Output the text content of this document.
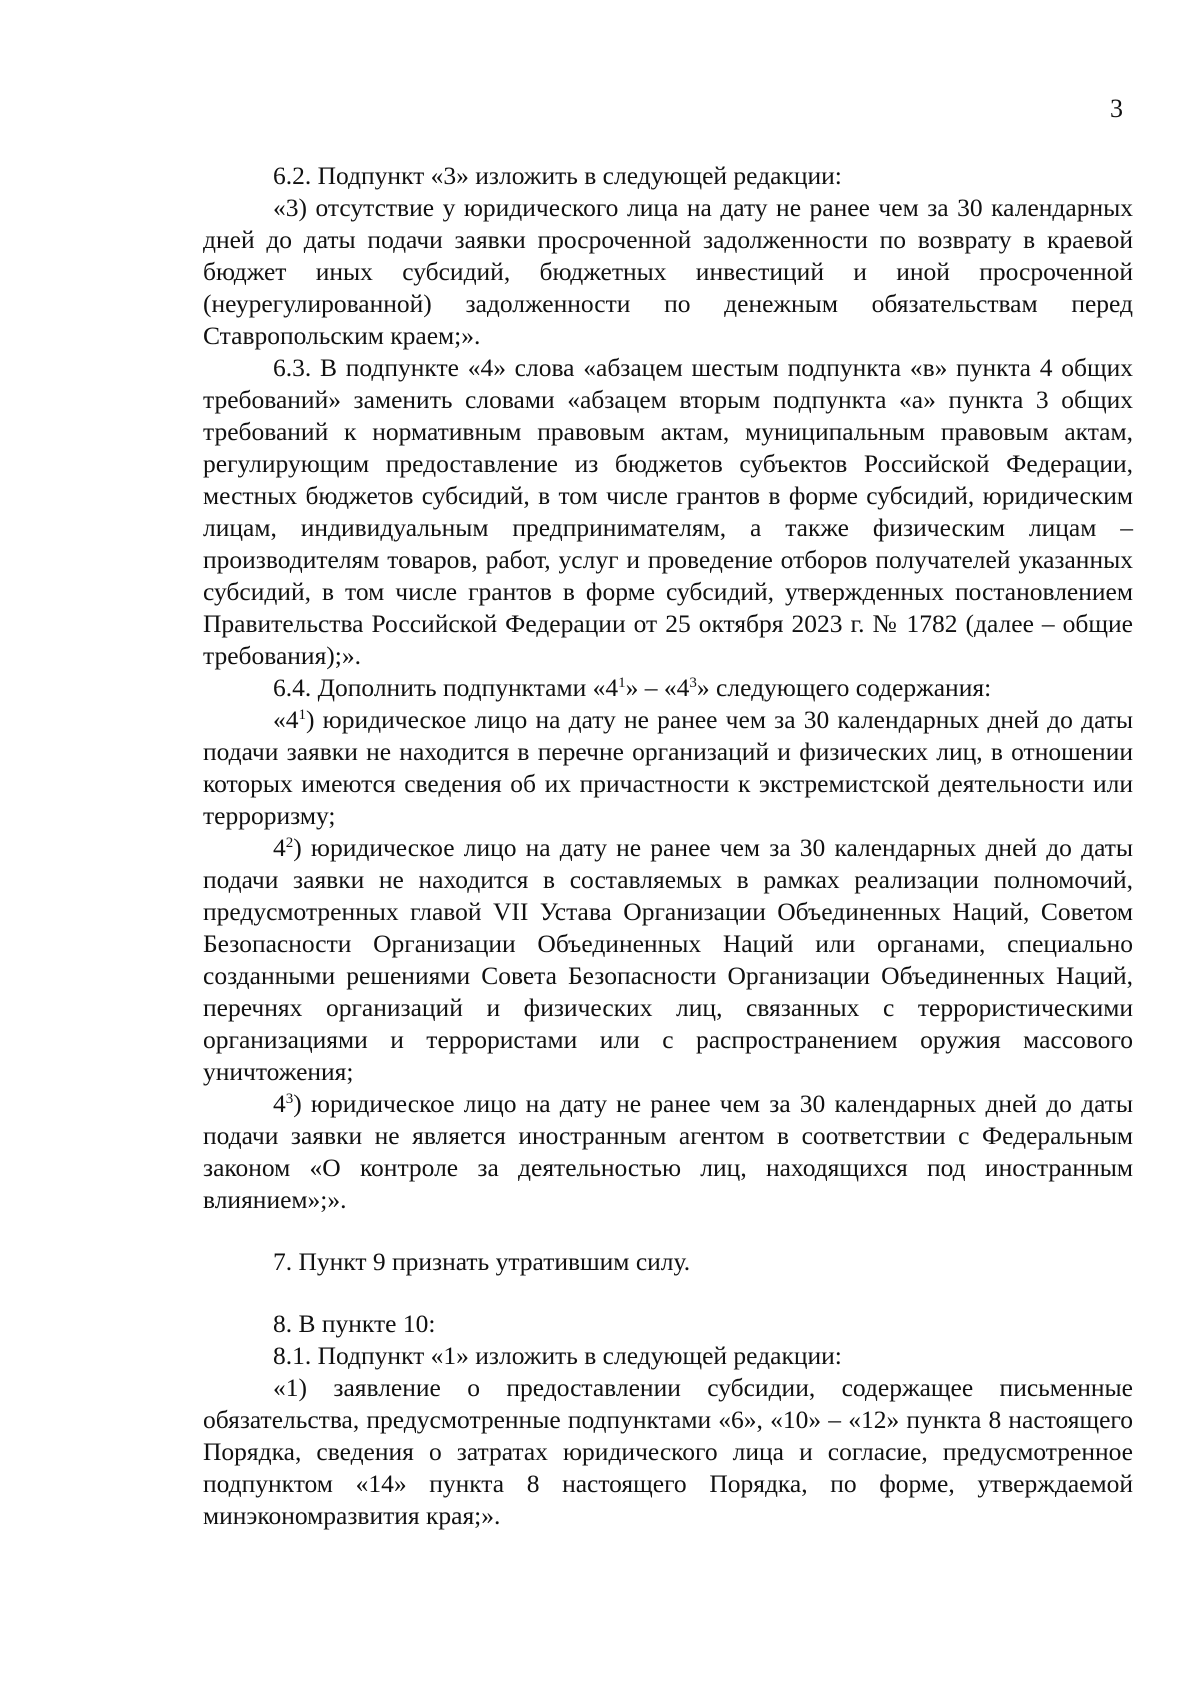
3

6.2. Подпункт «3» изложить в следующей редакции:

«3) отсутствие у юридического лица на дату не ранее чем за 30 календарных дней до даты подачи заявки просроченной задолженности по возврату в краевой бюджет иных субсидий, бюджетных инвестиций и иной просроченной (неурегулированной) задолженности по денежным обязательствам перед Ставропольским краем;».

6.3. В подпункте «4» слова «абзацем шестым подпункта «в» пункта 4 общих требований» заменить словами «абзацем вторым подпункта «а» пункта 3 общих требований к нормативным правовым актам, муниципальным правовым актам, регулирующим предоставление из бюджетов субъектов Российской Федерации, местных бюджетов субсидий, в том числе грантов в форме субсидий, юридическим лицам, индивидуальным предпринимателям, а также физическим лицам – производителям товаров, работ, услуг и проведение отборов получателей указанных субсидий, в том числе грантов в форме субсидий, утвержденных постановлением Правительства Российской Федерации от 25 октября 2023 г. № 1782 (далее – общие требования);».

6.4. Дополнить подпунктами «$4^1$» – «$4^3$» следующего содержания:

«$4^1$) юридическое лицо на дату не ранее чем за 30 календарных дней до даты подачи заявки не находится в перечне организаций и физических лиц, в отношении которых имеются сведения об их причастности к экстремистской деятельности или терроризму;

$4^2$) юридическое лицо на дату не ранее чем за 30 календарных дней до даты подачи заявки не находится в составляемых в рамках реализации полномочий, предусмотренных главой VII Устава Организации Объединенных Наций, Советом Безопасности Организации Объединенных Наций или органами, специально созданными решениями Совета Безопасности Организации Объединенных Наций, перечнях организаций и физических лиц, связанных с террористическими организациями и террористами или с распространением оружия массового уничтожения;

$4^3$) юридическое лицо на дату не ранее чем за 30 календарных дней до даты подачи заявки не является иностранным агентом в соответствии с Федеральным законом «О контроле за деятельностью лиц, находящихся под иностранным влиянием»;».

7. Пункт 9 признать утратившим силу.

8. В пункте 10:

8.1. Подпункт «1» изложить в следующей редакции:

«1) заявление о предоставлении субсидии, содержащее письменные обязательства, предусмотренные подпунктами «6», «10» – «12» пункта 8 настоящего Порядка, сведения о затратах юридического лица и согласие, предусмотренное подпунктом «14» пункта 8 настоящего Порядка, по форме, утверждаемой минэкономразвития края;».
